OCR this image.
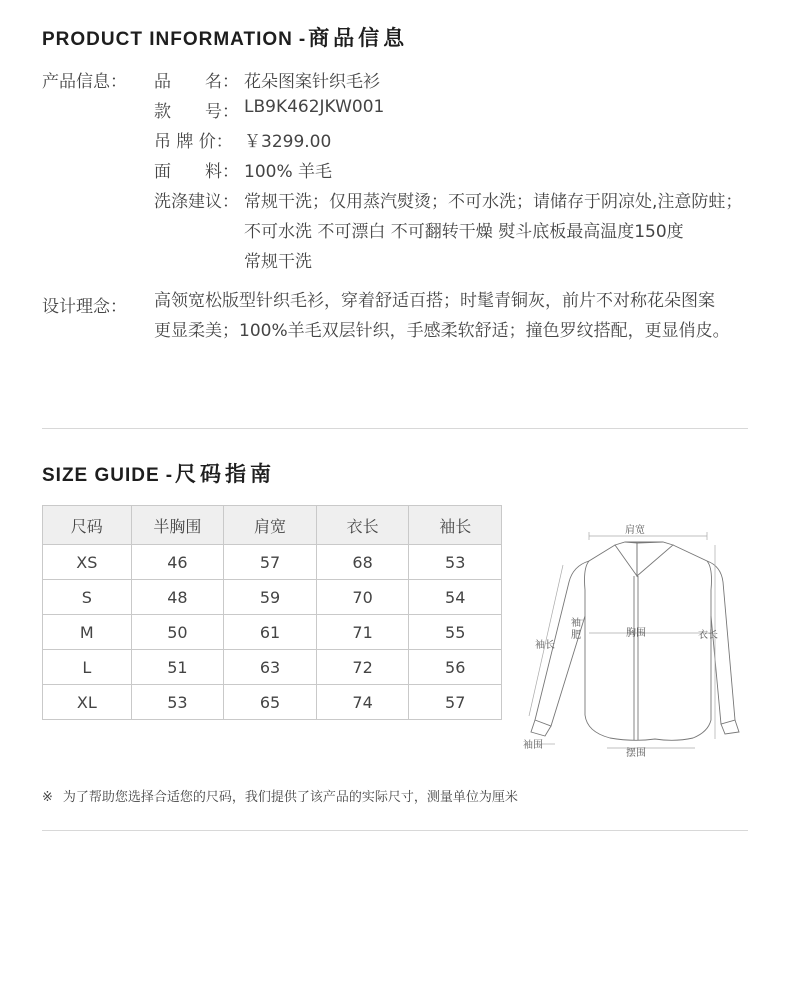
PRODUCT INFORMATION - 商品信息
产品信息： 品　　名： 花朵图案针织毛衫
款　　号： LB9K462JKW001
吊 牌 价： ￥3299.00
面　　料： 100% 羊毛
洗涤建议： 常规干洗；仅用蒸汽熨烫；不可水洗；请储存于阴凉处,注意防蛀；
不可水洗 不可漂白 不可翻转干燥 熨斗底板最高温度150度
常规干洗
设计理念： 高领宽松版型针织毛衫，穿着舒适百搭；时髦青铜灰，前片不对称花朵图案
更显柔美；100%羊毛双层针织，手感柔软舒适；撞色罗纹搭配，更显俏皮。
SIZE GUIDE - 尺码指南
尺码	半胸围	肩宽	衣长	袖长
XS	46	57	68	53
S	48	59	70	54
M	50	61	71	55
L	51	63	72	56
XL	53	65	74	57
肩宽
袖长
袖
肥	胸围	衣长
袖围
摆围
※ 为了帮助您选择合适您的尺码，我们提供了该产品的实际尺寸，测量单位为厘米
